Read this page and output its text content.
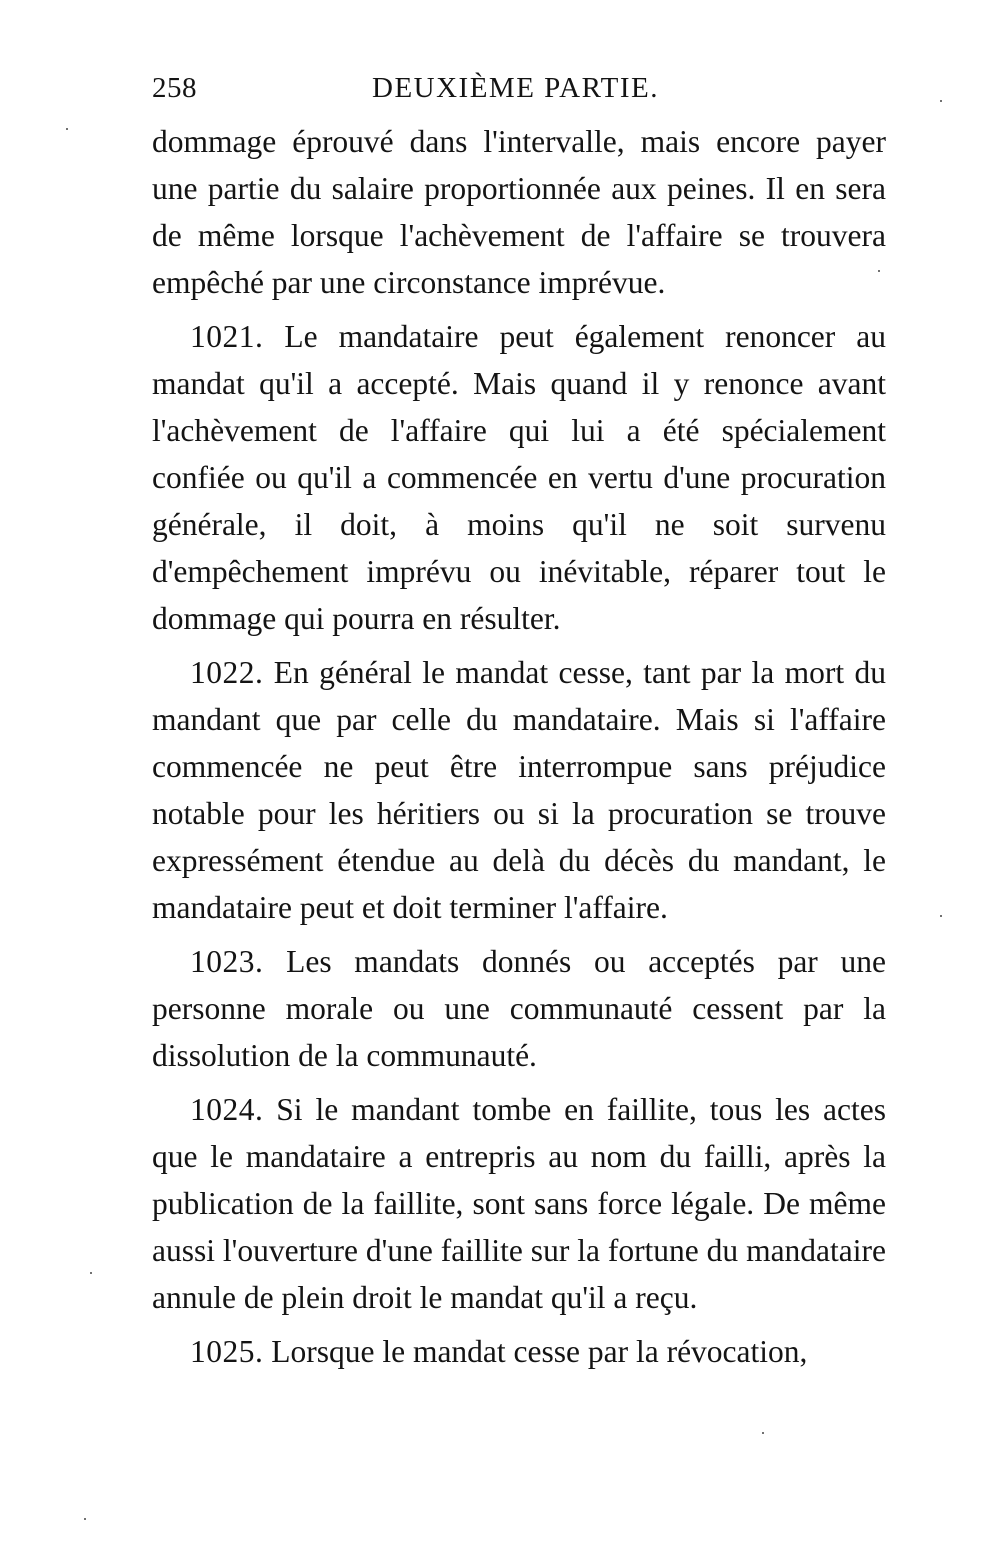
258	DEUXIÈME PARTIE.

dommage éprouvé dans l'intervalle, mais encore payer une partie du salaire proportionnée aux peines. Il en sera de même lorsque l'achèvement de l'affaire se trouvera empêché par une circonstance imprévue.

1021. Le mandataire peut également renoncer au mandat qu'il a accepté. Mais quand il y renonce avant l'achèvement de l'affaire qui lui a été spécialement confiée ou qu'il a commencée en vertu d'une procuration générale, il doit, à moins qu'il ne soit survenu d'empêchement imprévu ou inévitable, réparer tout le dommage qui pourra en résulter.

1022. En général le mandat cesse, tant par la mort du mandant que par celle du mandataire. Mais si l'affaire commencée ne peut être interrompue sans préjudice notable pour les héritiers ou si la procuration se trouve expressément étendue au delà du décès du mandant, le mandataire peut et doit terminer l'affaire.

1023. Les mandats donnés ou acceptés par une personne morale ou une communauté cessent par la dissolution de la communauté.

1024. Si le mandant tombe en faillite, tous les actes que le mandataire a entrepris au nom du failli, après la publication de la faillite, sont sans force légale. De même aussi l'ouverture d'une faillite sur la fortune du mandataire annule de plein droit le mandat qu'il a reçu.

1025. Lorsque le mandat cesse par la révocation,
